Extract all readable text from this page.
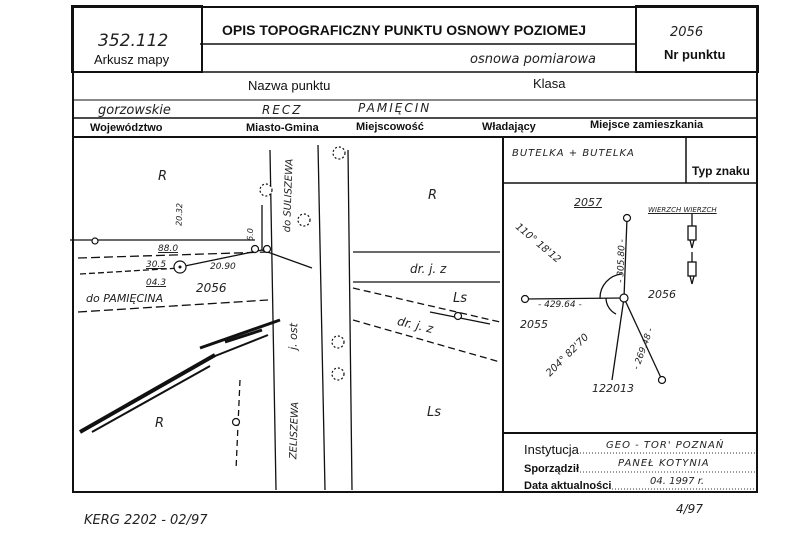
352.112
Arkusz mapy
OPIS TOPOGRAFICZNY PUNKTU OSNOWY POZIOMEJ	2056
Nr punktu
osnowa pomiarowa
Nazwa punktu	Klasa
gorzowskie	RECZ	PAMIĘCIN
Województwo	Miasto-Gmina	Miejscowość	Władający	Miejsce zamieszkania
BUTELKA + BUTELKA
Typ znaku
R
R
R
Ls
Ls
dr. j. z
dr. j. z
do SULISZEWA
do PAMIĘCINA
j. ost
ZELISZEWA
2056
20.32
6.0
88.0
30.5	20.90
04.3
2057
2056
2055
122013
110° 18'12
204° 82'70
- 305.80 -
- 429.64 -
- 269.48 -
WIERZCH WIERZCH
Instytucja	GEO - TOR' POZNAŃ
Sporządził	PANEŁ KOTYNIA
Data aktualności	04. 1997 r.
KERG 2202 - 02/97
4/97
